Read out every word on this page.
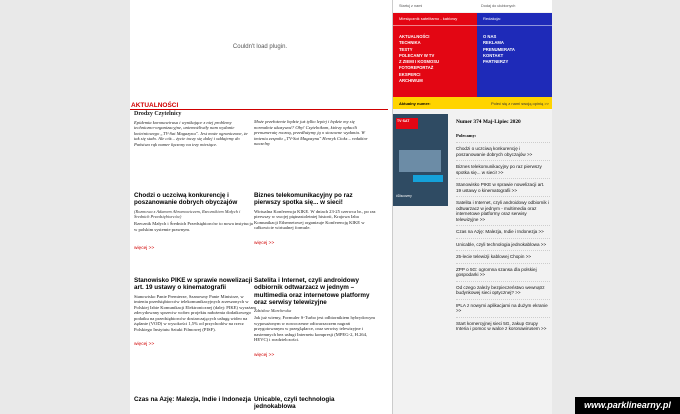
Couldn't load plugin.
AKTUALNOŚCI
Drodzy Czytelnicy
Epidemia koronawirusa i wynikające z niej problemy techniczno-organizacyjne, uniemożliwiły nam wydanie kwietniowego „TV-Sat Magazynu". Jest może ograniczone, że tak się stało. Ale cóż... życie toczy się dalej i oddajemy do Państwa rąk numer łączony na trzy miesiące.
Może przełożenie będzie już tylko lepiej i będzie my się normalnie ukazywać? Oby! Czytelnikom, którzy opłacili prenumeratę roczną, przedłużymy ją o stosowne wydania. W imieniu zespołu „TV-Sat Magazynu" Henryk Cioks – redaktor naczelny
Chodzi o uczciwą konkurencję i poszanowanie dobrych obyczajów
(Rozmowa z Adamem Abramowiczem, Rzecznikiem Małych i Średnich Przedsiębiorców)
Rzecznik Małych i Średnich Przedsiębiorców to nowa instytucja w polskim systemie prawnym.
więcej >>
Biznes telekomunikacyjny po raz pierwszy spotka się... w sieci!
Wirtualna Konferencja KIKE. W dniach 23-25 czerwca br., po raz pierwszy w swojej piętnastoletniej historii, Krajowa Izba Komunikacji Ethernetowej organizuje Konferencję KIKE w całkowicie wirtualnej formule.
więcej >>
Stanowisko PIKE w sprawie nowelizacji art. 19 ustawy o kinematografii
Stanowisko Panie Premierze, Szanowny Panie Ministrze, w imieniu przedsiębiorców telekomunikacyjnych zrzeszonych w Polskiej Izbie Komunikacji Elektronicznej (dalej: PIKE) wyrażam zdecydowany sprzeciw wobec projektu nałożenia dodatkowego podatku na przedsiębiorców dostarczających usługę wideo na żądanie (VOD) w wysokości 1,5% od przychodów na rzecz Polskiego Instytutu Sztuki Filmowej (PISF).
więcej >>
Satelita i Internet, czyli androidowy odbiornik odtwarzacz w jednym – multimedia oraz internetowe platformy oraz serwisy telewizyjne
Zdzisław Marchewka
Jak już wiemy, Formuler S-Turbo jest odbiornikiem hybrydowym wyposażonym w nowoczesne odtwarzaczem nagrań przygotowanym w przeglądarce, oraz serwisy telewizyjne i nastemnych bez usługi Internetu kompresji (MPEG-2, H.264, HEVC) i rozdzielczości.
więcej >>
Czas na Azję: Malezja, Indie i Indonezja Unicable, czyli technologia jednokablowa
Startuj z nami	Dodaj do ulubionych
Miesięcznik satelitarno - kablowy
AKTUALNOŚCI
TECHNIKA
TESTY
POLECAMY W TV
Z ZIEMI I KOSMOSU
FOTOREPORTAŻ
EKSPERCI
ARCHIWUM
Redakcja:
O NAS
REKLAMA
PRENUMERATA
KONTAKT
PARTNERZY
Aktualny numer:	Poleć się z nami swoją opinią >>
TV·SAT
#Discovery
Numer 374 Maj-Lipiec 2020
Polecamy:
Chodzi o uczciwą konkurencję i poszanowanie dobrych obyczajów >>
Biznes telekomunikacyjny po raz pierwszy spotka się... w sieci! >>
Stanowisko PIKE w sprawie nowelizacji art. 19 ustawy o kinematografii >>
Satelita i Internet, czyli androidowy odbiornik i odtwarzacz w jednym - multimedia oraz internetowe platformy oraz serwisy telewizyjne >>
Czas na Azję: Malezja, Indie i Indonezja >>
Unicable, czyli technologia jednokablowa >>
25-lecie telewizji kablowej Chopin >>
ZPP o 5G: ogromna szansa dla polskiej gospodarki >>
Od czego zależy bezpieczeństwo wewnątrz budynkowej sieci optycznej? >>
IPLA z nowymi aplikacjami na dużym ekranie >>
Start komercyjnej sieci 5G, zakup Grupy Interia i pomoc w walce z koronawirusem >>
www.parklinearny.pl
